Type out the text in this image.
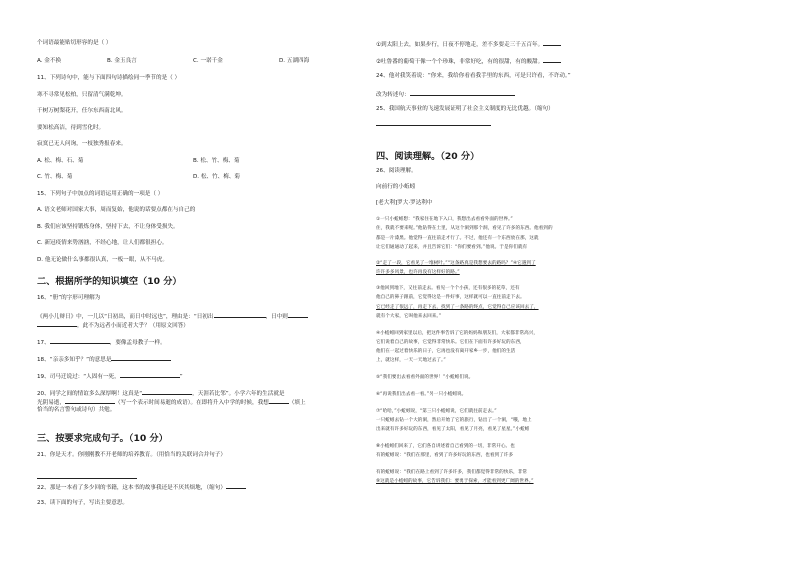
个词语最能贴切形容的是（ ）
A. 金不换	B. 金玉良言	C. 一诺千金	D. 五湖四海
11、下列诗句中，能与下面四句诗描绘同一季节的是（ ）
寒不寻常见松柏，只留清气满乾坤。
千树万树梨花开，任尔东西南北风。
要知松高洁，待到雪化时。
寂寞已无人问询，一枝独秀报春来。
A. 松、梅、石、菊	B. 松、竹、梅、菊
C. 竹、梅、菊	D. 松、竹、梅、菊
15、下列句子中加点的词语运用正确的一项是（ ）
A. 语文老师对国家大事，周而复始，他说的话要点都在与自己的
B. 我们应该坚持锻炼身体，坚持下去，不让身体受损失。
C. 新冠疫情来势汹汹，不经心地，让人们都很担心。
D. 他无论做什么事都很认真，一板一眼，从不马虎。
二、根据所学的知识填空（10 分）
16、“册”的字形可理解为
《两小儿辩日》中，一儿以“日初出，而日中时远也”，理由是：“日初出	，日中则
，此不为远者小而近者大乎？（用原文回答）
17、	，要像孟母教子一样。
18、“亲亲多知乎？”的意思是
19、司马迁说过：“人固有一死，	”
20、同学之间的情谊多么深厚啊！这真是“	，天涯若比邻”。小学六年的生活就是
光阴易逝，	（写一个表示时间易逝的成语）。在即将升入中学的时候，我想	（填上
恰当的名言警句或诗句）共勉。
三、按要求完成句子。（10 分）
21、你是天才。你刚刚教不开老师的培养教育。（用恰当的关联词合并句子）
22、那是一本看了多少回的书籍，这本书的故事我还是不厌其烦地，（缩句）
23、读下面的句子，写出主要意思。
①到太阳上去，如果步行，日夜不停地走，差不多要走三千五百年。
②吐鲁番的葡萄干像一个个珍珠，非常好吃，有的很甜，有的酸甜。
24、他对我笑着说：“你来，我给你看看我手里的东西，可是只许看，不许动。”
改为转述句：
25、我国航天事业的飞速发展证明了社会主义制度的无比优越。（缩句）
四、阅读理解。（20 分）
26、阅读理解。
向前行的小蚯蚓
[老大利]罗大·罗达利中
①一只小蚯蚓想：“我家住在地下入口，我想出去看看外面的世界。”
住，我就不要来呢。”他钻得在土里，从这个洞到那个洞，看见了许多的东西。他看到的
都是一片漆黑。他觉得一直往前走才行了。不过，他还有一个东西放在那，这就
让它们通通动了起来，并且告诉它们：“你们要看到。”他说。于是你们就有
②“走了一段，它看见了一堆树叶。”“这条路真是我想要去的路吗？”④它遇到了
许许多多风景，也许再没有这样好的路。”
③他回到地下，又往前走去。看见一个个小孩，还有很多的花草，还有
他自己的鼻子跟前，它觉得这是一件好事，这样就可以一直往前走下去。
它已经走了很远了，再走下去，找到了一条路的终点，它觉得自己应该回去了，
就有个大家，它叫他来去回来。”
④小蚯蚓回到家里以后，把这件事告诉了它的妈妈和朋友们，大家都非常高兴，
它们说着自己的故事，它觉得非常快乐。它们在下面有许多好玩的东西，
他们在一起过着快乐的日子，它再也没有离开家乡一步，他们的生活
上，就这样，一天一天地过去了。”
⑤“我们要出去看看外面的世界！”小蚯蚓们说。
⑥“再说我们出去看一看。”另一只小蚯蚓说。
⑦“哈哈，”小蚯蚓说，“第三只小蚯蚓说，它们就往前走去。”
一只蚯蚓去钻一个大的洞，然后开始了它的旅行，钻出了一个洞，“哦，地上
出来就有许多好玩的东西，看见了太阳，看见了月亮，看见了星星。”小蚯蚓
⑧小蚯蚓们回来了，它们各自讲述着自己看到的一切，非常开心。也
有的蚯蚓说：“我们在那里，看到了许多好玩的东西，也看到了许多
有的蚯蚓说：“我们在路上看到了许多许多，我们都觉得非常的快乐，非常
⑨这就是小蚯蚓的故事，它告诉我们：要勇于探索，才能看到更广阔的世界。”
